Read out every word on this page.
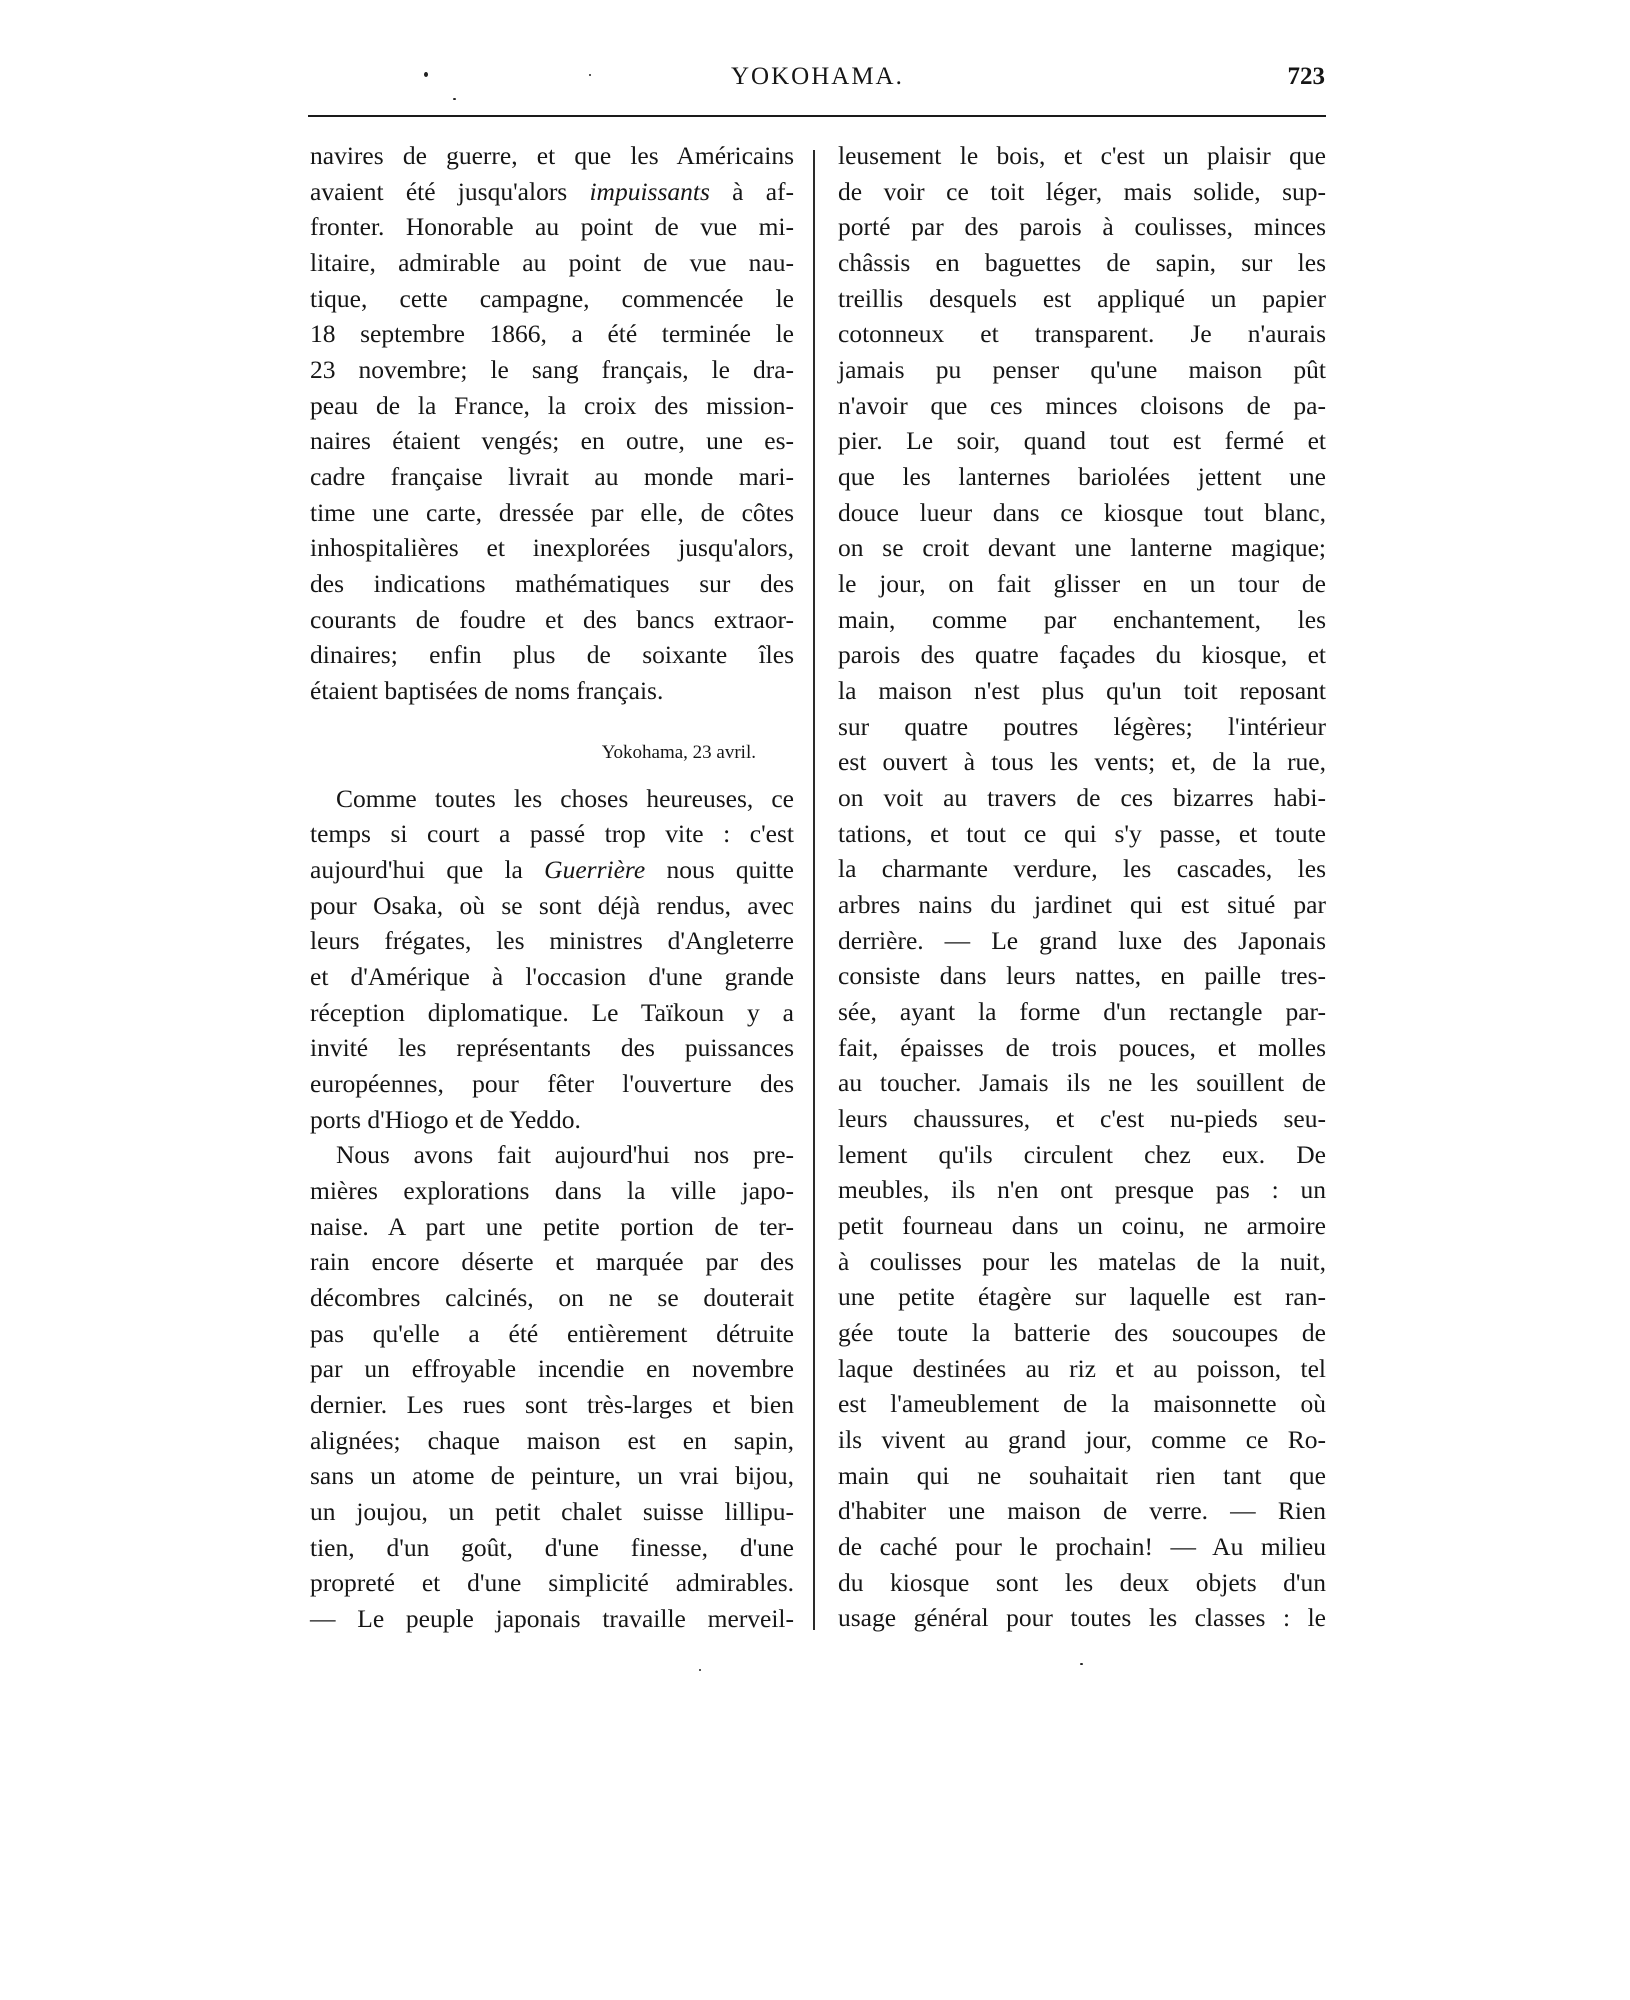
723
YOKOHAMA.
navires de guerre, et que les Américains
avaient été jusqu'alors impuissants à af-
fronter. Honorable au point de vue mi-
litaire, admirable au point de vue nau-
tique, cette campagne, commencée le
18 septembre 1866, a été terminée le
23 novembre; le sang français, le dra-
peau de la France, la croix des mission-
naires étaient vengés; en outre, une es-
cadre française livrait au monde mari-
time une carte, dressée par elle, de côtes
inhospitalières et inexplorées jusqu'alors,
des indications mathématiques sur des
courants de foudre et des bancs extraor-
dinaires; enfin plus de soixante îles
étaient baptisées de noms français.
Yokohama, 23 avril.
Comme toutes les choses heureuses, ce
temps si court a passé trop vite : c'est
aujourd'hui que la Guerrière nous quitte
pour Osaka, où se sont déjà rendus, avec
leurs frégates, les ministres d'Angleterre
et d'Amérique à l'occasion d'une grande
réception diplomatique. Le Taïkoun y a
invité les représentants des puissances
européennes, pour fêter l'ouverture des
ports d'Hiogo et de Yeddo.
Nous avons fait aujourd'hui nos pre-
mières explorations dans la ville japo-
naise. A part une petite portion de ter-
rain encore déserte et marquée par des
décombres calcinés, on ne se douterait
pas qu'elle a été entièrement détruite
par un effroyable incendie en novembre
dernier. Les rues sont très-larges et bien
alignées; chaque maison est en sapin,
sans un atome de peinture, un vrai bijou,
un joujou, un petit chalet suisse lillipu-
tien, d'un goût, d'une finesse, d'une
propreté et d'une simplicité admirables.
— Le peuple japonais travaille merveil-
leusement le bois, et c'est un plaisir que
de voir ce toit léger, mais solide, sup-
porté par des parois à coulisses, minces
châssis en baguettes de sapin, sur les
treillis desquels est appliqué un papier
cotonneux et transparent. Je n'aurais
jamais pu penser qu'une maison pût
n'avoir que ces minces cloisons de pa-
pier. Le soir, quand tout est fermé et
que les lanternes bariolées jettent une
douce lueur dans ce kiosque tout blanc,
on se croit devant une lanterne magique;
le jour, on fait glisser en un tour de
main, comme par enchantement, les
parois des quatre façades du kiosque, et
la maison n'est plus qu'un toit reposant
sur quatre poutres légères; l'intérieur
est ouvert à tous les vents; et, de la rue,
on voit au travers de ces bizarres habi-
tations, et tout ce qui s'y passe, et toute
la charmante verdure, les cascades, les
arbres nains du jardinet qui est situé par
derrière. — Le grand luxe des Japonais
consiste dans leurs nattes, en paille tres-
sée, ayant la forme d'un rectangle par-
fait, épaisses de trois pouces, et molles
au toucher. Jamais ils ne les souillent de
leurs chaussures, et c'est nu-pieds seu-
lement qu'ils circulent chez eux. De
meubles, ils n'en ont presque pas : un
petit fourneau dans un coinu, ne armoire
à coulisses pour les matelas de la nuit,
une petite étagère sur laquelle est ran-
gée toute la batterie des soucoupes de
laque destinées au riz et au poisson, tel
est l'ameublement de la maisonnette où
ils vivent au grand jour, comme ce Ro-
main qui ne souhaitait rien tant que
d'habiter une maison de verre. — Rien
de caché pour le prochain! — Au milieu
du kiosque sont les deux objets d'un
usage général pour toutes les classes : le
